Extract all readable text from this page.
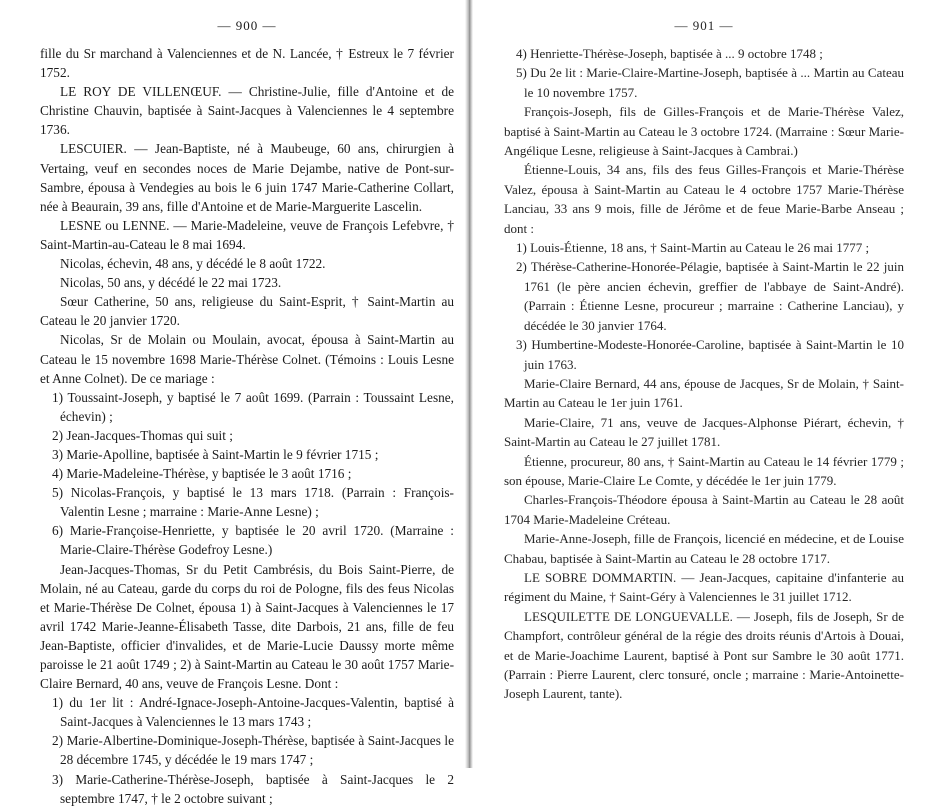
— 900 —

fille du Sr marchand à Valenciennes et de N. Lancée, † Estreux le 7 février 1752.

LE ROY DE VILLENŒUF. — Christine-Julie, fille d'Antoine et de Christine Chauvin, baptisée à Saint-Jacques à Valenciennes le 4 septembre 1736.

LESCUIER. — Jean-Baptiste, né à Maubeuge, 60 ans, chirurgien à Vertaing, veuf en secondes noces de Marie Dejambe, native de Pont-sur-Sambre, épousa à Vendegies au bois le 6 juin 1747 Marie-Catherine Collart, née à Beaurain, 39 ans, fille d'Antoine et de Marie-Marguerite Lascelin.

LESNE ou LENNE. — Marie-Madeleine, veuve de François Lefebvre, † Saint-Martin-au-Cateau le 8 mai 1694.

Nicolas, échevin, 48 ans, y décédé le 8 août 1722.

Nicolas, 50 ans, y décédé le 22 mai 1723.

Sœur Catherine, 50 ans, religieuse du Saint-Esprit, † Saint-Martin au Cateau le 20 janvier 1720.

Nicolas, Sr de Molain ou Moulain, avocat, épousa à Saint-Martin au Cateau le 15 novembre 1698 Marie-Thérèse Colnet. (Témoins : Louis Lesne et Anne Colnet). De ce mariage :

1) Toussaint-Joseph, y baptisé le 7 août 1699. (Parrain : Toussaint Lesne, échevin) ;

2) Jean-Jacques-Thomas qui suit ;

3) Marie-Apolline, baptisée à Saint-Martin le 9 février 1715 ;

4) Marie-Madeleine-Thérèse, y baptisée le 3 août 1716 ;

5) Nicolas-François, y baptisé le 13 mars 1718. (Parrain : François-Valentin Lesne ; marraine : Marie-Anne Lesne) ;

6) Marie-Françoise-Henriette, y baptisée le 20 avril 1720. (Marraine : Marie-Claire-Thérèse Godefroy Lesne.)

Jean-Jacques-Thomas, Sr du Petit Cambrésis, du Bois Saint-Pierre, de Molain, né au Cateau, garde du corps du roi de Pologne, fils des feus Nicolas et Marie-Thérèse De Colnet, épousa 1) à Saint-Jacques à Valenciennes le 17 avril 1742 Marie-Jeanne-Élisabeth Tasse, dite Darbois, 21 ans, fille de feu Jean-Baptiste, officier d'invalides, et de Marie-Lucie Daussy morte même paroisse le 21 août 1749 ; 2) à Saint-Martin au Cateau le 30 août 1757 Marie-Claire Bernard, 40 ans, veuve de François Lesne. Dont :

1) du 1er lit : André-Ignace-Joseph-Antoine-Jacques-Valentin, baptisé à Saint-Jacques à Valenciennes le 13 mars 1743 ;

2) Marie-Albertine-Dominique-Joseph-Thérèse, baptisée à Saint-Jacques le 28 décembre 1745, y décédée le 19 mars 1747 ;

3) Marie-Catherine-Thérèse-Joseph, baptisée à Saint-Jacques le 2 septembre 1747, † le 2 octobre suivant ;

— 901 —

4) Henriette-Thérèse-Joseph, baptisée à ... 9 octobre 1748 ;

5) Du 2e lit : Marie-Claire-Martine-Joseph, baptisée à ... Martin au Cateau le 10 novembre 1757.

François-Joseph, fils de Gilles-François et de Marie-Thérèse Valez, baptisé à Saint-Martin au Cateau le 3 octobre 1724. (Marraine : Sœur Marie-Angélique Lesne, religieuse à Saint-Jacques à Cambrai.)

Étienne-Louis, 34 ans, fils des feus Gilles-François et Marie-Thérèse Valez, épousa à Saint-Martin au Cateau le 4 octobre 1757 Marie-Thérèse Lanciau, 33 ans 9 mois, fille de Jérôme et de feue Marie-Barbe Anseau ; dont :

1) Louis-Étienne, 18 ans, † Saint-Martin au Cateau le 26 mai 1777 ;

2) Thérèse-Catherine-Honorée-Pélagie, baptisée à Saint-Martin le 22 juin 1761 (le père ancien échevin, greffier de l'abbaye de Saint-André). (Parrain : Étienne Lesne, procureur ; marraine : Catherine Lanciau), y décédée le 30 janvier 1764.

3) Humbertine-Modeste-Honorée-Caroline, baptisée à Saint-Martin le 10 juin 1763.

Marie-Claire Bernard, 44 ans, épouse de Jacques, Sr de Molain, † Saint-Martin au Cateau le 1er juin 1761.

Marie-Claire, 71 ans, veuve de Jacques-Alphonse Piérart, échevin, † Saint-Martin au Cateau le 27 juillet 1781.

Étienne, procureur, 80 ans, † Saint-Martin au Cateau le 14 février 1779 ; son épouse, Marie-Claire Le Comte, y décédée le 1er juin 1779.

Charles-François-Théodore épousa à Saint-Martin au Cateau le 28 août 1704 Marie-Madeleine Créteau.

Marie-Anne-Joseph, fille de François, licencié en médecine, et de Louise Chabau, baptisée à Saint-Martin au Cateau le 28 octobre 1717.

LE SOBRE DOMMARTIN. — Jean-Jacques, capitaine d'infanterie au régiment du Maine, † Saint-Géry à Valenciennes le 31 juillet 1712.

LESQUILETTE DE LONGUEVALLE. — Joseph, fils de Joseph, Sr de Champfort, contrôleur général de la régie des droits réunis d'Artois à Douai, et de Marie-Joachime Laurent, baptisé à Pont sur Sambre le 30 août 1771. (Parrain : Pierre Laurent, clerc tonsuré, oncle ; marraine : Marie-Antoinette-Joseph Laurent, tante).
